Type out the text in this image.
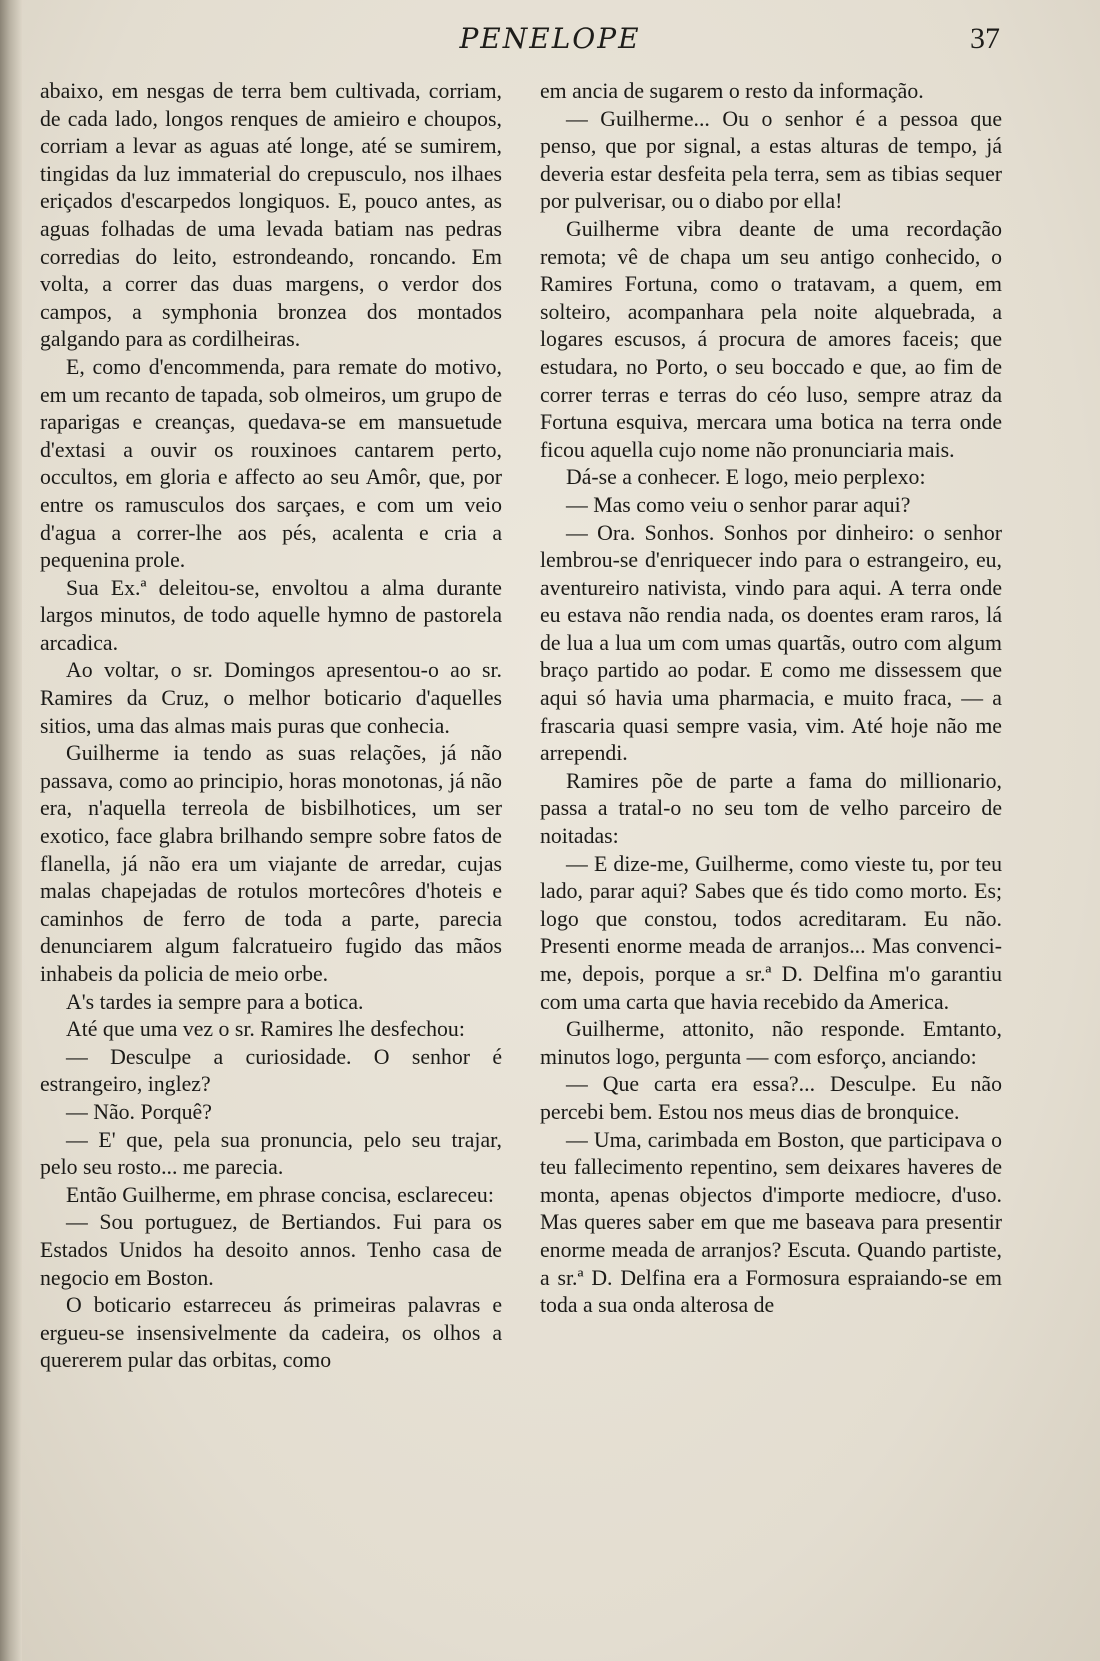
PENELOPE	37

abaixo, em nesgas de terra bem cultivada, corriam, de cada lado, longos renques de amieiro e choupos, corriam a levar as aguas até longe, até se sumirem, tingidas da luz immaterial do crepusculo, nos ilhaes eriçados d'escarpedos longiquos. E, pouco antes, as aguas folhadas de uma levada batiam nas pedras corredias do leito, estrondeando, roncando. Em volta, a correr das duas margens, o verdor dos campos, a symphonia bronzea dos montados galgando para as cordilheiras.

E, como d'encommenda, para remate do motivo, em um recanto de tapada, sob olmeiros, um grupo de raparigas e creanças, quedava-se em mansuetude d'extasi a ouvir os rouxinoes cantarem perto, occultos, em gloria e affecto ao seu Amôr, que, por entre os ramusculos dos sarçaes, e com um veio d'agua a correr-lhe aos pés, acalenta e cria a pequenina prole.

Sua Ex.ª deleitou-se, envoltou a alma durante largos minutos, de todo aquelle hymno de pastorela arcadica.

Ao voltar, o sr. Domingos apresentou-o ao sr. Ramires da Cruz, o melhor boticario d'aquelles sitios, uma das almas mais puras que conhecia.

Guilherme ia tendo as suas relações, já não passava, como ao principio, horas monotonas, já não era, n'aquella terreola de bisbilhotices, um ser exotico, face glabra brilhando sempre sobre fatos de flanella, já não era um viajante de arredar, cujas malas chapejadas de rotulos mortecôres d'hoteis e caminhos de ferro de toda a parte, parecia denunciarem algum falcratueiro fugido das mãos inhabeis da policia de meio orbe.

A's tardes ia sempre para a botica.

Até que uma vez o sr. Ramires lhe desfechou:

— Desculpe a curiosidade. O senhor é estrangeiro, inglez?

— Não. Porquê?

— E' que, pela sua pronuncia, pelo seu trajar, pelo seu rosto... me parecia.

Então Guilherme, em phrase concisa, esclareceu:

— Sou portuguez, de Bertiandos. Fui para os Estados Unidos ha desoito annos. Tenho casa de negocio em Boston.

O boticario estarreceu ás primeiras palavras e ergueu-se insensivelmente da cadeira, os olhos a quererem pular das orbitas, como

em ancia de sugarem o resto da informação.

— Guilherme... Ou o senhor é a pessoa que penso, que por signal, a estas alturas de tempo, já deveria estar desfeita pela terra, sem as tibias sequer por pulverisar, ou o diabo por ella!

Guilherme vibra deante de uma recordação remota; vê de chapa um seu antigo conhecido, o Ramires Fortuna, como o tratavam, a quem, em solteiro, acompanhara pela noite alquebrada, a logares escusos, á procura de amores faceis; que estudara, no Porto, o seu boccado e que, ao fim de correr terras e terras do céo luso, sempre atraz da Fortuna esquiva, mercara uma botica na terra onde ficou aquella cujo nome não pronunciaria mais.

Dá-se a conhecer. E logo, meio perplexo:

— Mas como veiu o senhor parar aqui?

— Ora. Sonhos. Sonhos por dinheiro: o senhor lembrou-se d'enriquecer indo para o estrangeiro, eu, aventureiro nativista, vindo para aqui. A terra onde eu estava não rendia nada, os doentes eram raros, lá de lua a lua um com umas quartãs, outro com algum braço partido ao podar. E como me dissessem que aqui só havia uma pharmacia, e muito fraca, — a frascaria quasi sempre vasia, vim. Até hoje não me arrependi.

Ramires põe de parte a fama do millionario, passa a tratal-o no seu tom de velho parceiro de noitadas:

— E dize-me, Guilherme, como vieste tu, por teu lado, parar aqui? Sabes que és tido como morto. Es; logo que constou, todos acreditaram. Eu não. Presenti enorme meada de arranjos... Mas convenci-me, depois, porque a sr.ª D. Delfina m'o garantiu com uma carta que havia recebido da America.

Guilherme, attonito, não responde. Emtanto, minutos logo, pergunta — com esforço, anciando:

— Que carta era essa?... Desculpe. Eu não percebi bem. Estou nos meus dias de bronquice.

— Uma, carimbada em Boston, que participava o teu fallecimento repentino, sem deixares haveres de monta, apenas objectos d'importe mediocre, d'uso. Mas queres saber em que me baseava para presentir enorme meada de arranjos? Escuta. Quando partiste, a sr.ª D. Delfina era a Formosura espraiando-se em toda a sua onda alterosa de
